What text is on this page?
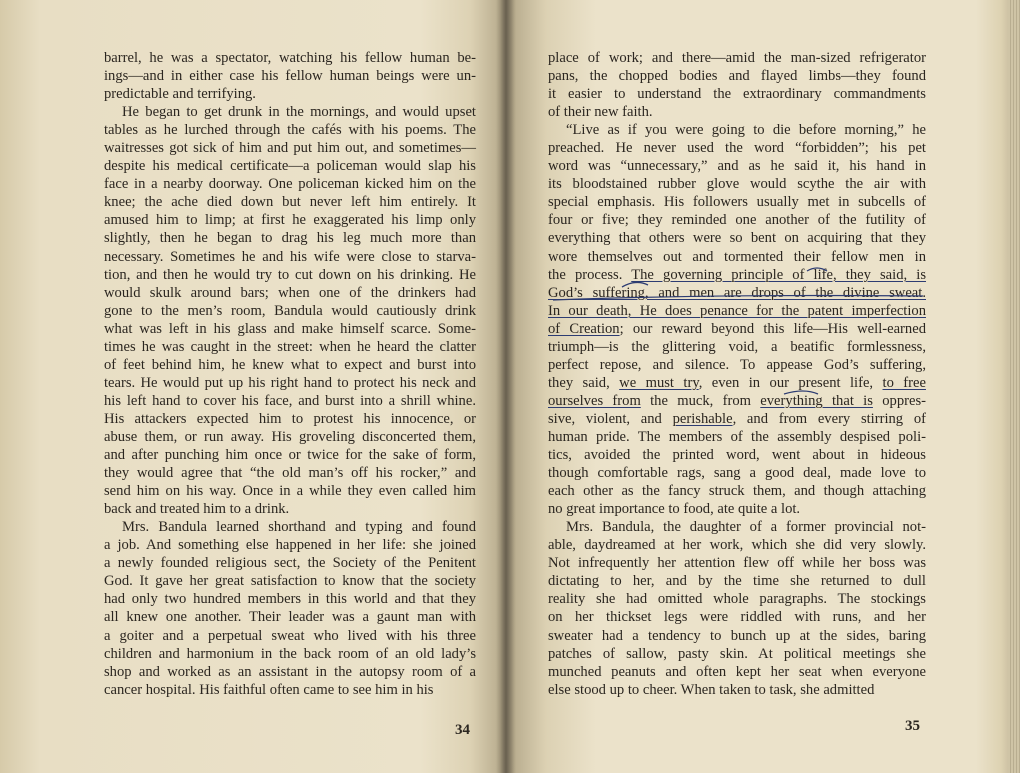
barrel, he was a spectator, watching his fellow human be-
ings—and in either case his fellow human beings were un-
predictable and terrifying.
He began to get drunk in the mornings, and would upset
tables as he lurched through the cafés with his poems. The
waitresses got sick of him and put him out, and sometimes—
despite his medical certificate—a policeman would slap his
face in a nearby doorway. One policeman kicked him on the
knee; the ache died down but never left him entirely. It
amused him to limp; at first he exaggerated his limp only
slightly, then he began to drag his leg much more than
necessary. Sometimes he and his wife were close to starva-
tion, and then he would try to cut down on his drinking. He
would skulk around bars; when one of the drinkers had
gone to the men’s room, Bandula would cautiously drink
what was left in his glass and make himself scarce. Some-
times he was caught in the street: when he heard the clatter
of feet behind him, he knew what to expect and burst into
tears. He would put up his right hand to protect his neck and
his left hand to cover his face, and burst into a shrill whine.
His attackers expected him to protest his innocence, or
abuse them, or run away. His groveling disconcerted them,
and after punching him once or twice for the sake of form,
they would agree that “the old man’s off his rocker,” and
send him on his way. Once in a while they even called him
back and treated him to a drink.
Mrs. Bandula learned shorthand and typing and found
a job. And something else happened in her life: she joined
a newly founded religious sect, the Society of the Penitent
God. It gave her great satisfaction to know that the society
had only two hundred members in this world and that they
all knew one another. Their leader was a gaunt man with
a goiter and a perpetual sweat who lived with his three
children and harmonium in the back room of an old lady’s
shop and worked as an assistant in the autopsy room of a
cancer hospital. His faithful often came to see him in his
34
place of work; and there—amid the man-sized refrigerator
pans, the chopped bodies and flayed limbs—they found
it easier to understand the extraordinary commandments
of their new faith.
“Live as if you were going to die before morning,” he
preached. He never used the word “forbidden”; his pet
word was “unnecessary,” and as he said it, his hand in
its bloodstained rubber glove would scythe the air with
special emphasis. His followers usually met in subcells of
four or five; they reminded one another of the futility of
everything that others were so bent on acquiring that they
wore themselves out and tormented their fellow men in
the process. The governing principle of life, they said, is
God’s suffering, and men are drops of the divine sweat.
In our death, He does penance for the patent imperfection
of Creation; our reward beyond this life—His well-earned
triumph—is the glittering void, a beatific formlessness,
perfect repose, and silence. To appease God’s suffering,
they said, we must try, even in our present life, to free
ourselves from the muck, from everything that is oppres-
sive, violent, and perishable, and from every stirring of
human pride. The members of the assembly despised poli-
tics, avoided the printed word, went about in hideous
though comfortable rags, sang a good deal, made love to
each other as the fancy struck them, and though attaching
no great importance to food, ate quite a lot.
Mrs. Bandula, the daughter of a former provincial not-
able, daydreamed at her work, which she did very slowly.
Not infrequently her attention flew off while her boss was
dictating to her, and by the time she returned to dull
reality she had omitted whole paragraphs. The stockings
on her thickset legs were riddled with runs, and her
sweater had a tendency to bunch up at the sides, baring
patches of sallow, pasty skin. At political meetings she
munched peanuts and often kept her seat when everyone
else stood up to cheer. When taken to task, she admitted
35
